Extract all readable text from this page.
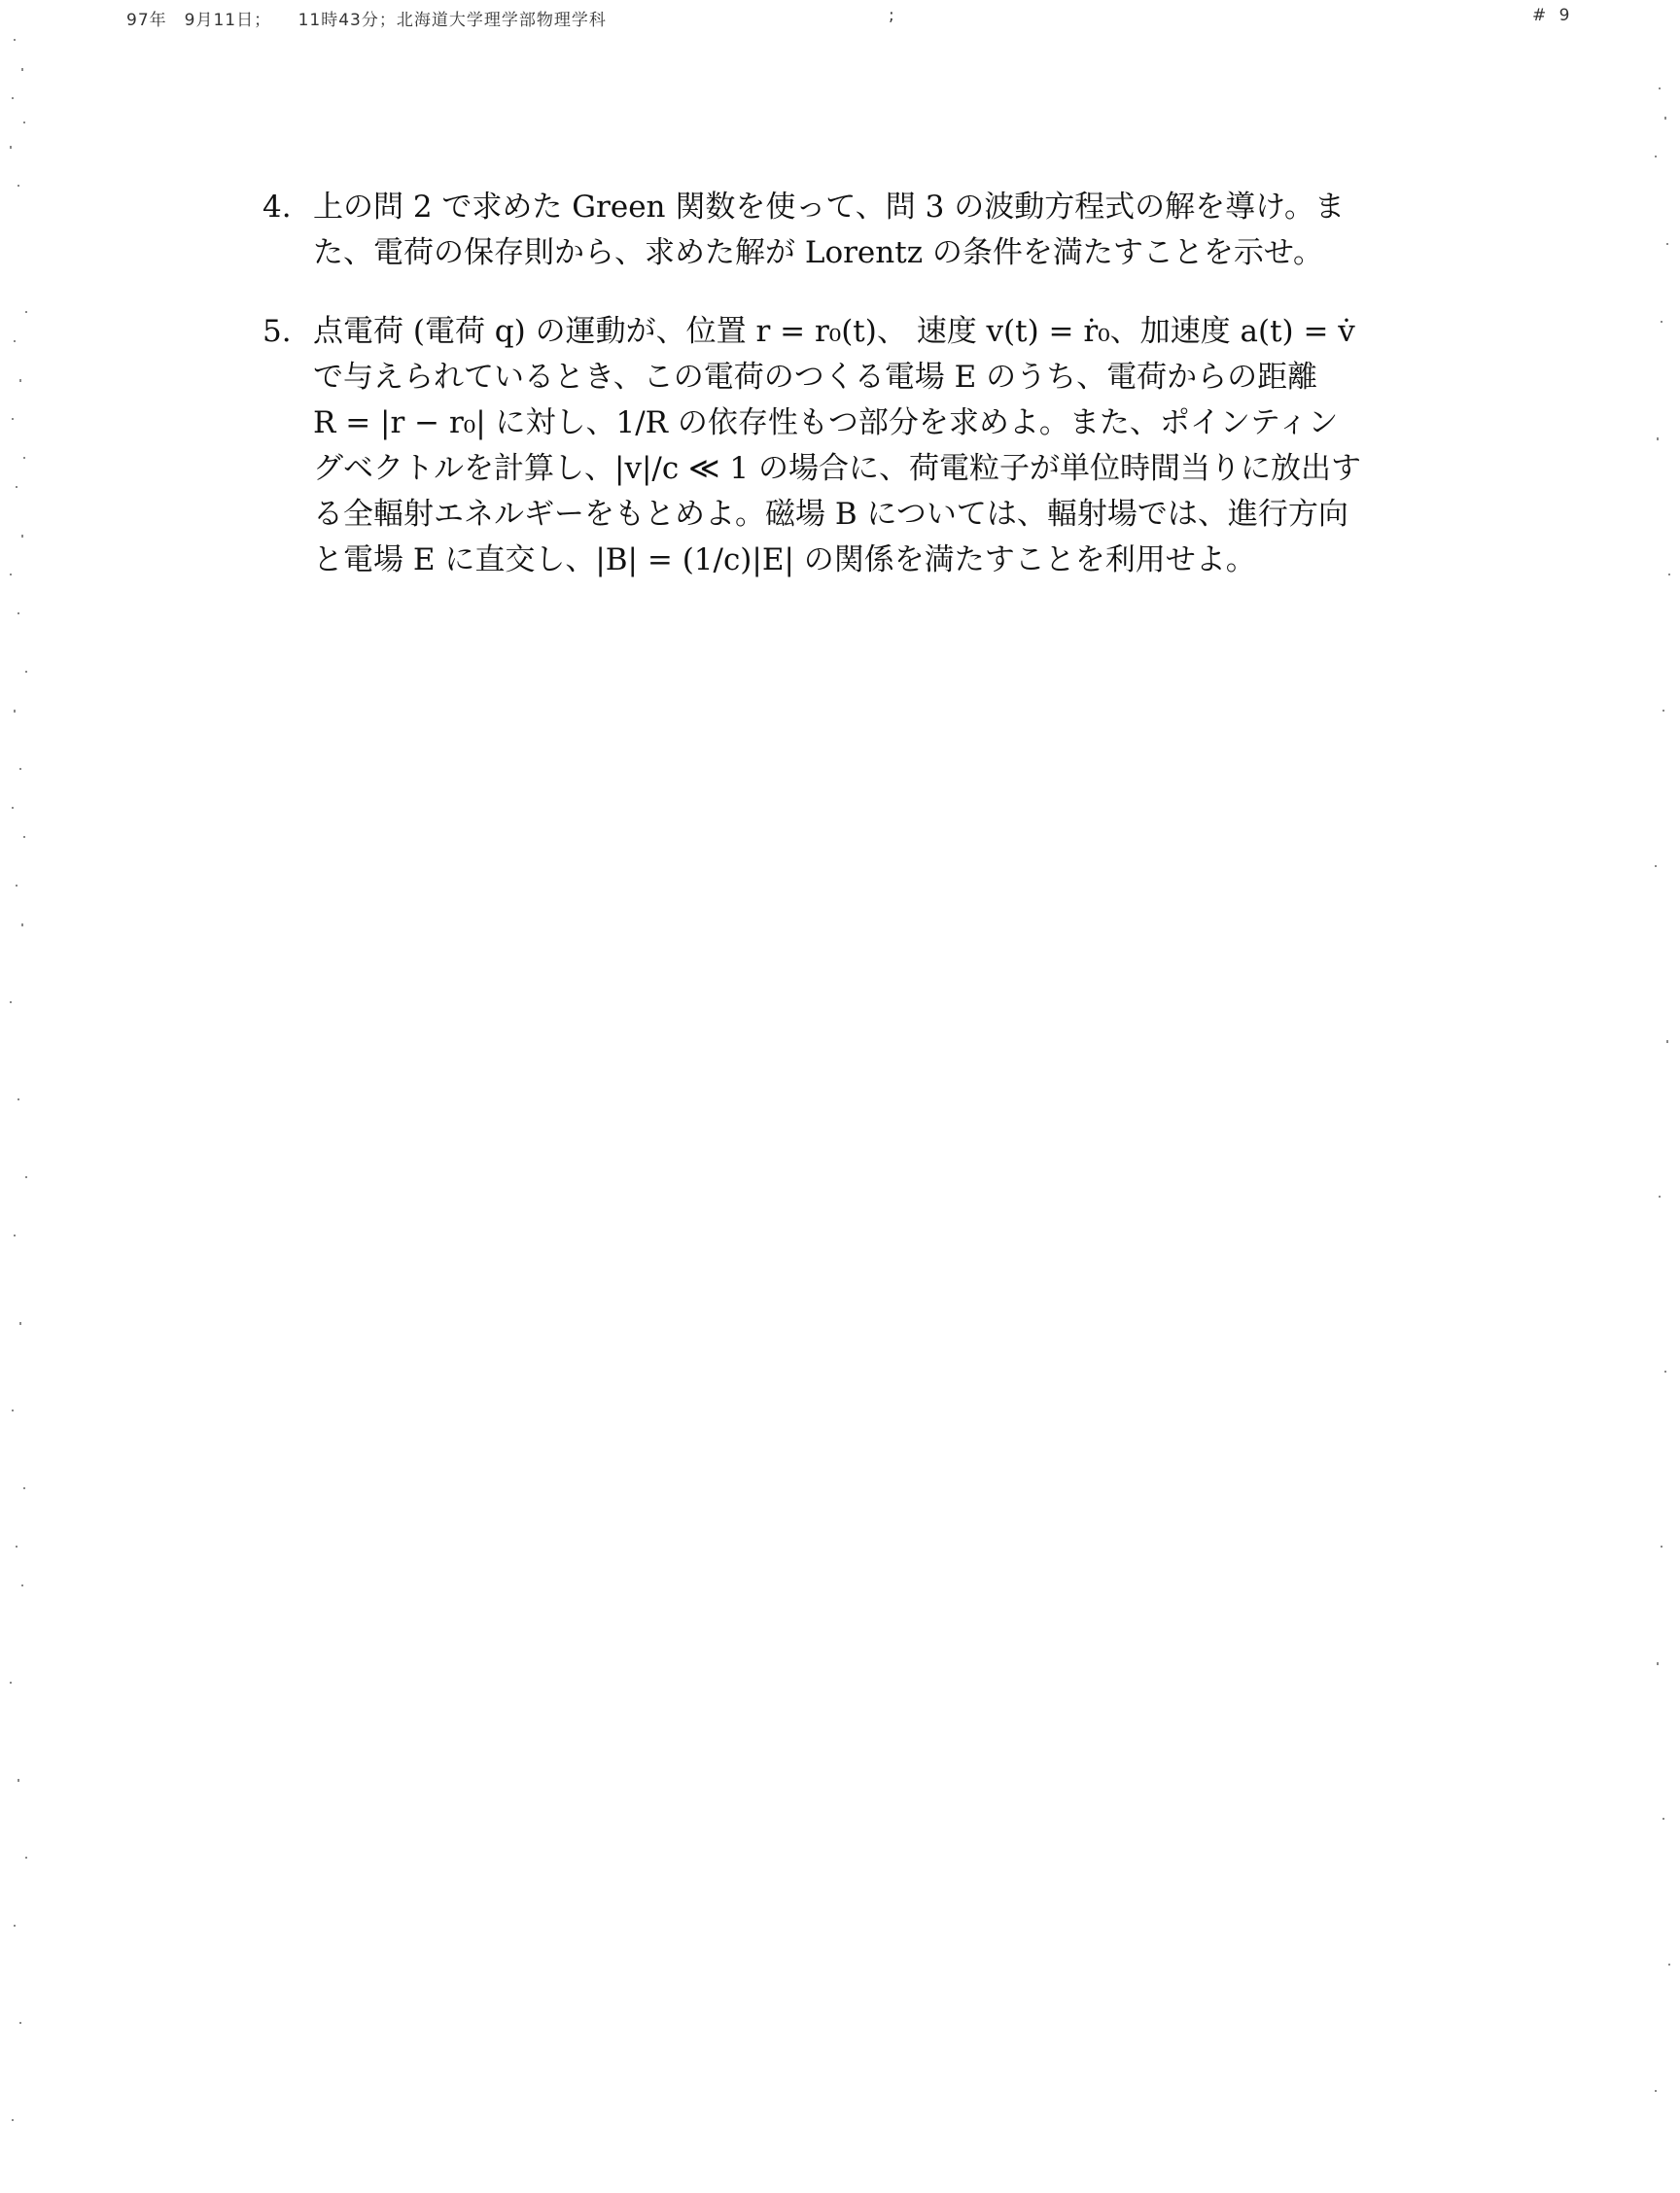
97年　9月11日；　　11時43分；北海道大学理学部物理学科	;	# 9
4. 上の問 2 で求めた Green 関数を使って、問 3 の波動方程式の解を導け。ま
た、電荷の保存則から、求めた解が Lorentz の条件を満たすことを示せ。
5. 点電荷 (電荷 q) の運動が、位置 r = r₀(t)、 速度 v(t) = ṙ₀、加速度 a(t) = v̇
で与えられているとき、この電荷のつくる電場 E のうち、電荷からの距離
R = |r − r₀| に対し、1/R の依存性もつ部分を求めよ。また、ポインティン
グベクトルを計算し、|v|/c ≪ 1 の場合に、荷電粒子が単位時間当りに放出す
る全輻射エネルギーをもとめよ。磁場 B については、輻射場では、進行方向
と電場 E に直交し、|B| = (1/c)|E| の関係を満たすことを利用せよ。
